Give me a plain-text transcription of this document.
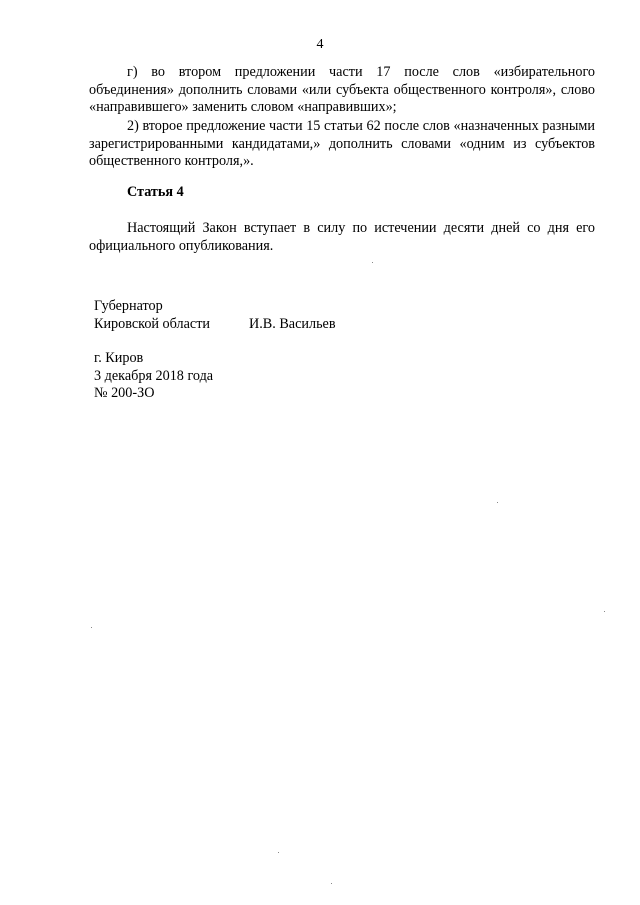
4

г) во втором предложении части 17 после слов «избирательного объединения» дополнить словами «или субъекта общественного контроля», слово «направившего» заменить словом «направивших»;

2) второе предложение части 15 статьи 62 после слов «назначенных разными зарегистрированными кандидатами,» дополнить словами «одним из субъектов общественного контроля,».

Статья 4

Настоящий Закон вступает в силу по истечении десяти дней со дня его официального опубликования.

Губернатор
Кировской области	И.В. Васильев
г. Киров
3 декабря 2018 года
№ 200-ЗО
